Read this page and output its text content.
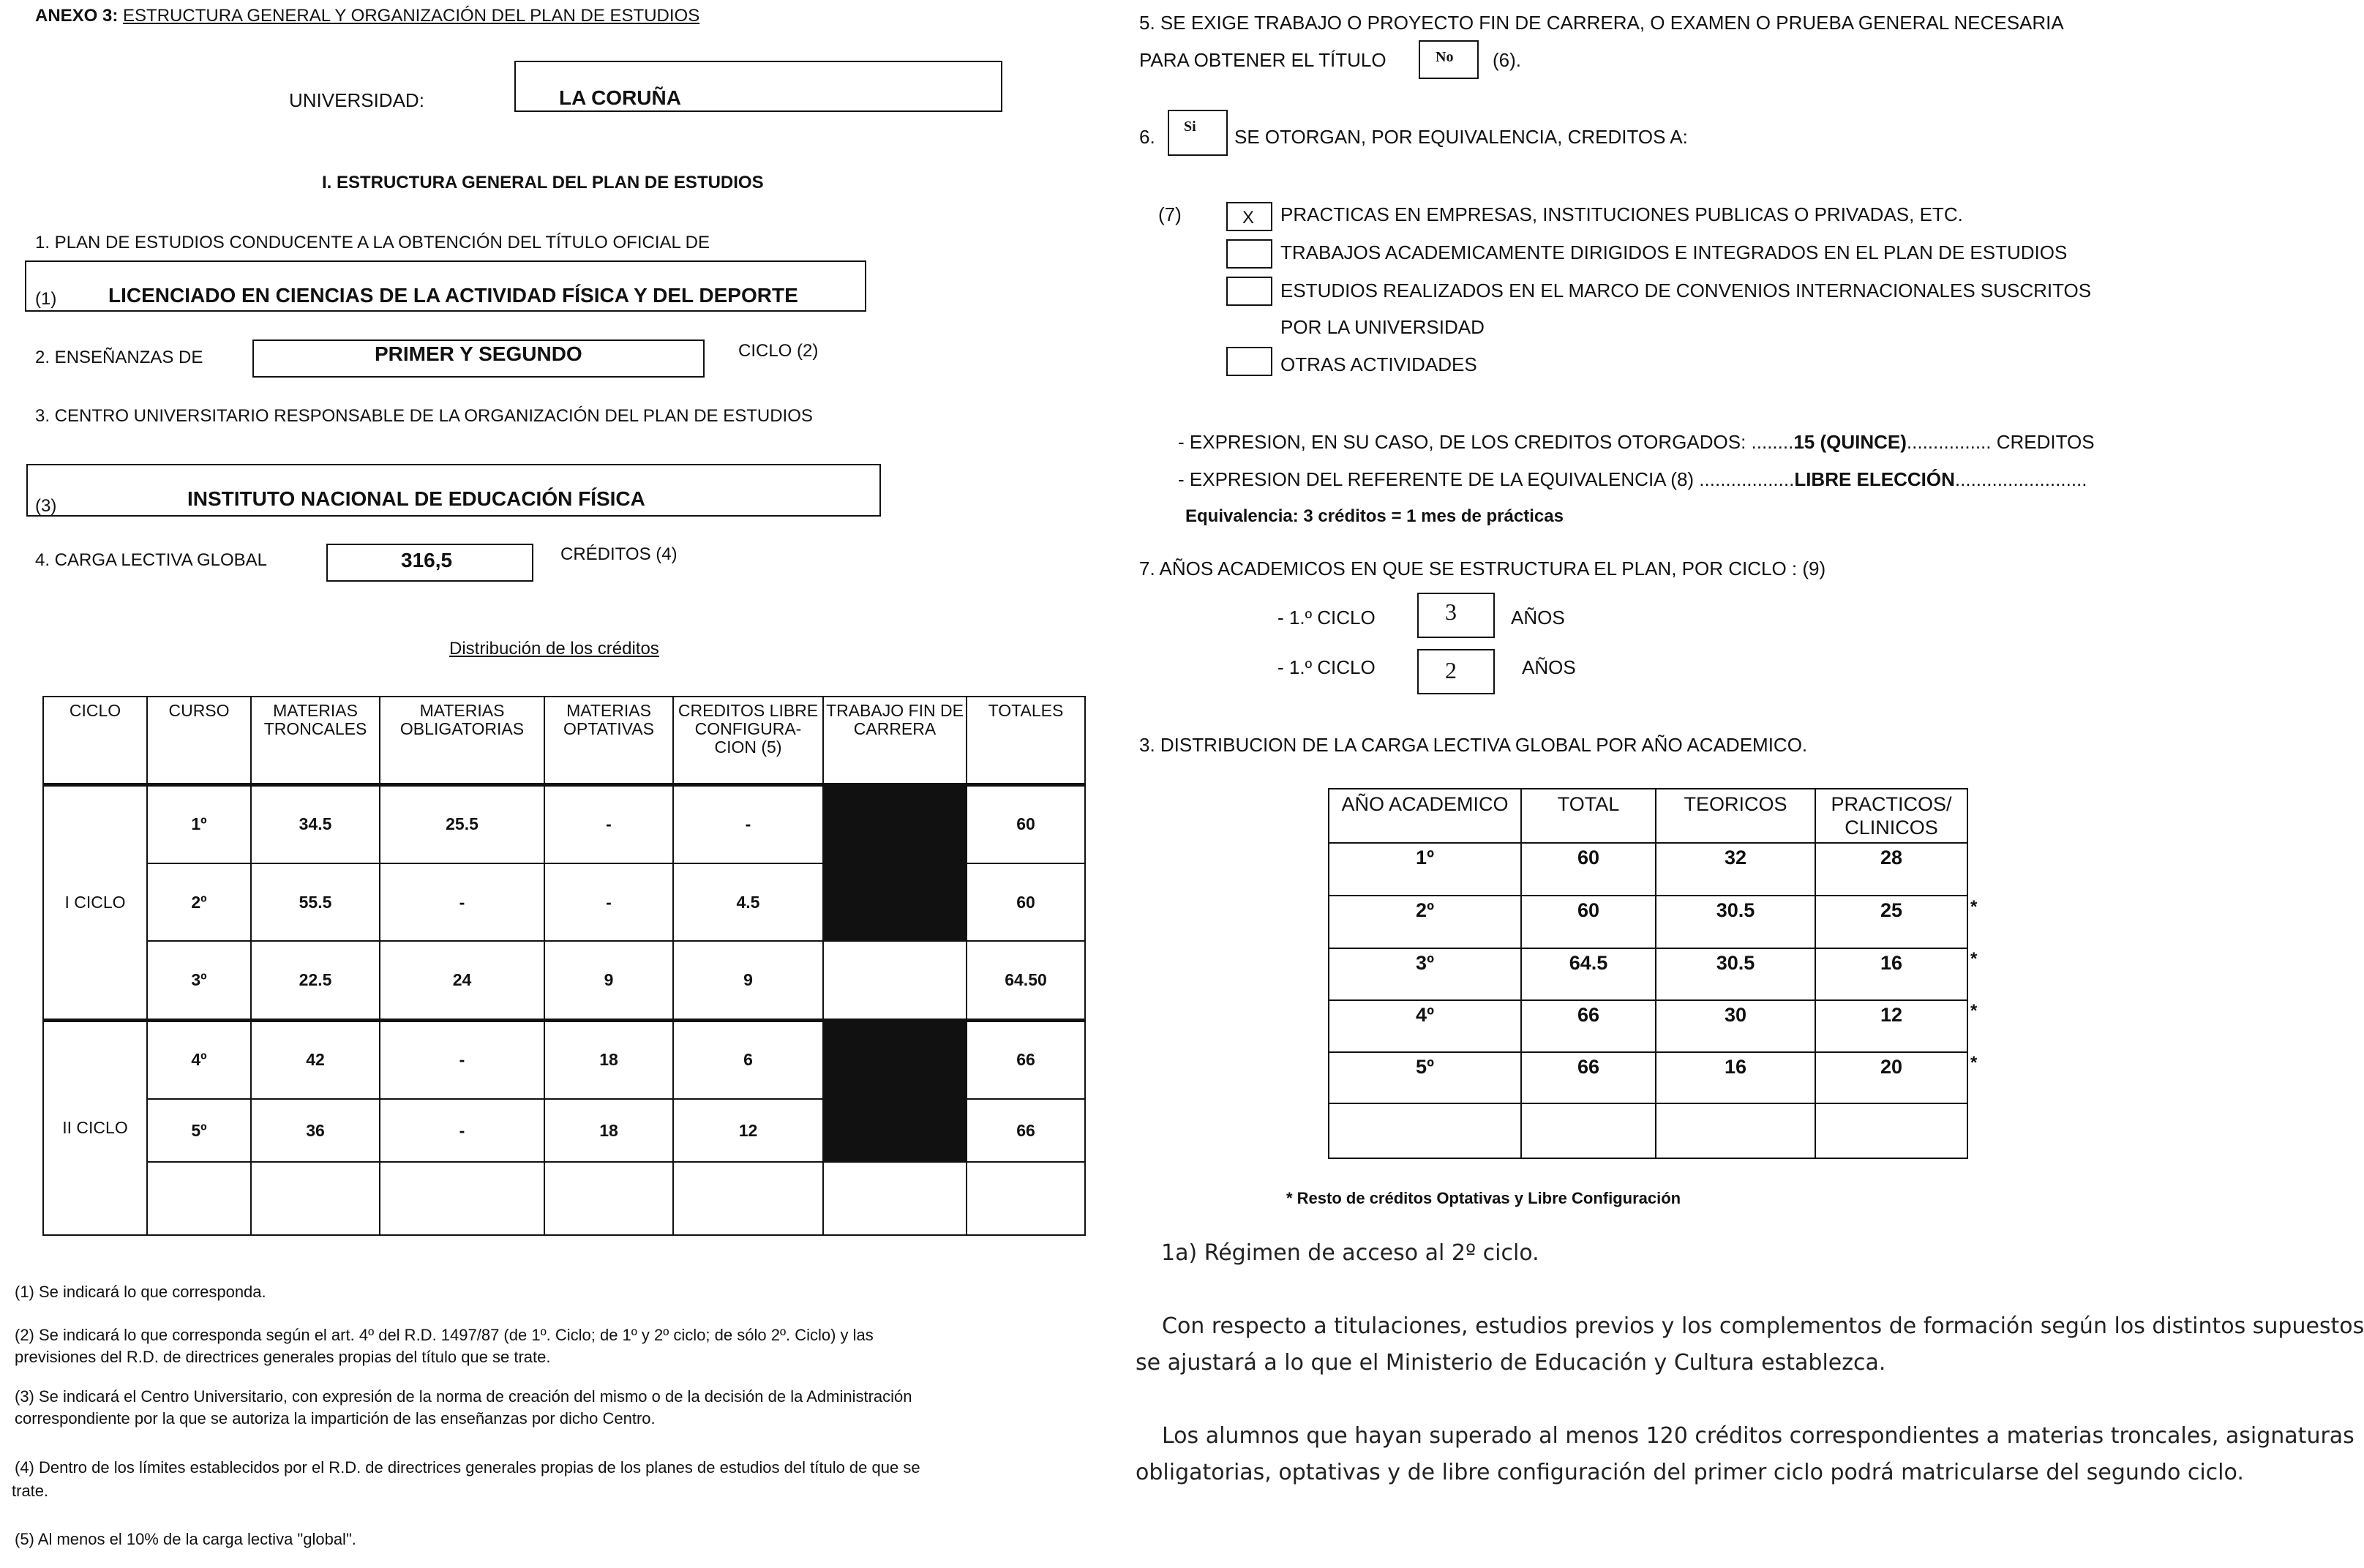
ANEXO 3: ESTRUCTURA GENERAL Y ORGANIZACIÓN DEL PLAN DE ESTUDIOS
UNIVERSIDAD:	LA CORUÑA
I. ESTRUCTURA GENERAL DEL PLAN DE ESTUDIOS
1. PLAN DE ESTUDIOS CONDUCENTE A LA OBTENCIÓN DEL TÍTULO OFICIAL DE
(1)	LICENCIADO EN CIENCIAS DE LA ACTIVIDAD FÍSICA Y DEL DEPORTE
2. ENSEÑANZAS DE	PRIMER Y SEGUNDO	CICLO (2)
3. CENTRO UNIVERSITARIO RESPONSABLE DE LA ORGANIZACIÓN DEL PLAN DE ESTUDIOS
(3)	INSTITUTO NACIONAL DE EDUCACIÓN FÍSICA
4. CARGA LECTIVA GLOBAL	316,5	CRÉDITOS (4)
Distribución de los créditos
CICLO	CURSO	MATERIAS TRONCALES	MATERIAS OBLIGATORIAS	MATERIAS OPTATIVAS	CREDITOS LIBRE CONFIGURA-CION (5)	TRABAJO FIN DE CARRERA	TOTALES
I CICLO	1º	34.5	25.5	-	-		60
	2º	55.5	-	-	4.5		60
	3º	22.5	24	9	9		64.50
II CICLO	4º	42	-	18	6		66
	5º	36	-	18	12		66

(1) Se indicará lo que corresponda.
(2) Se indicará lo que corresponda según el art. 4º del R.D. 1497/87 (de 1º. Ciclo; de 1º y 2º ciclo; de sólo 2º. Ciclo) y las
previsiones del R.D. de directrices generales propias del título que se trate.
(3) Se indicará el Centro Universitario, con expresión de la norma de creación del mismo o de la decisión de la Administración
correspondiente por la que se autoriza la impartición de las enseñanzas por dicho Centro.
(4) Dentro de los límites establecidos por el R.D. de directrices generales propias de los planes de estudios del título de que se
trate.
(5) Al menos el 10% de la carga lectiva "global".
5. SE EXIGE TRABAJO O PROYECTO FIN DE CARRERA, O EXAMEN O PRUEBA GENERAL NECESARIA
PARA OBTENER EL TÍTULO	No (6).
6. Si SE OTORGAN, POR EQUIVALENCIA, CREDITOS A:
(7)	X PRACTICAS EN EMPRESAS, INSTITUCIONES PUBLICAS O PRIVADAS, ETC.
TRABAJOS ACADEMICAMENTE DIRIGIDOS E INTEGRADOS EN EL PLAN DE ESTUDIOS
ESTUDIOS REALIZADOS EN EL MARCO DE CONVENIOS INTERNACIONALES SUSCRITOS
POR LA UNIVERSIDAD
OTRAS ACTIVIDADES
- EXPRESION, EN SU CASO, DE LOS CREDITOS OTORGADOS: ........15 (QUINCE)................ CREDITOS
- EXPRESION DEL REFERENTE DE LA EQUIVALENCIA (8) ..................LIBRE ELECCIÓN.........................
Equivalencia: 3 créditos = 1 mes de prácticas
7. AÑOS ACADEMICOS EN QUE SE ESTRUCTURA EL PLAN, POR CICLO : (9)
- 1.º CICLO	3	AÑOS
- 1.º CICLO	2	AÑOS
3. DISTRIBUCION DE LA CARGA LECTIVA GLOBAL POR AÑO ACADEMICO.
AÑO ACADEMICO	TOTAL	TEORICOS	PRACTICOS/ CLINICOS
1º	60	32	28
2º	60	30.5	25
3º	64.5	30.5	16
4º	66	30	12
5º	66	16	20

*
*
*
*
* Resto de créditos Optativas y Libre Configuración
1a) Régimen de acceso al 2º ciclo.
Con respecto a titulaciones, estudios previos y los complementos de formación según los distintos supuestos
se ajustará a lo que el Ministerio de Educación y Cultura establezca.
Los alumnos que hayan superado al menos 120 créditos correspondientes a materias troncales, asignaturas
obligatorias, optativas y de libre configuración del primer ciclo podrá matricularse del segundo ciclo.
